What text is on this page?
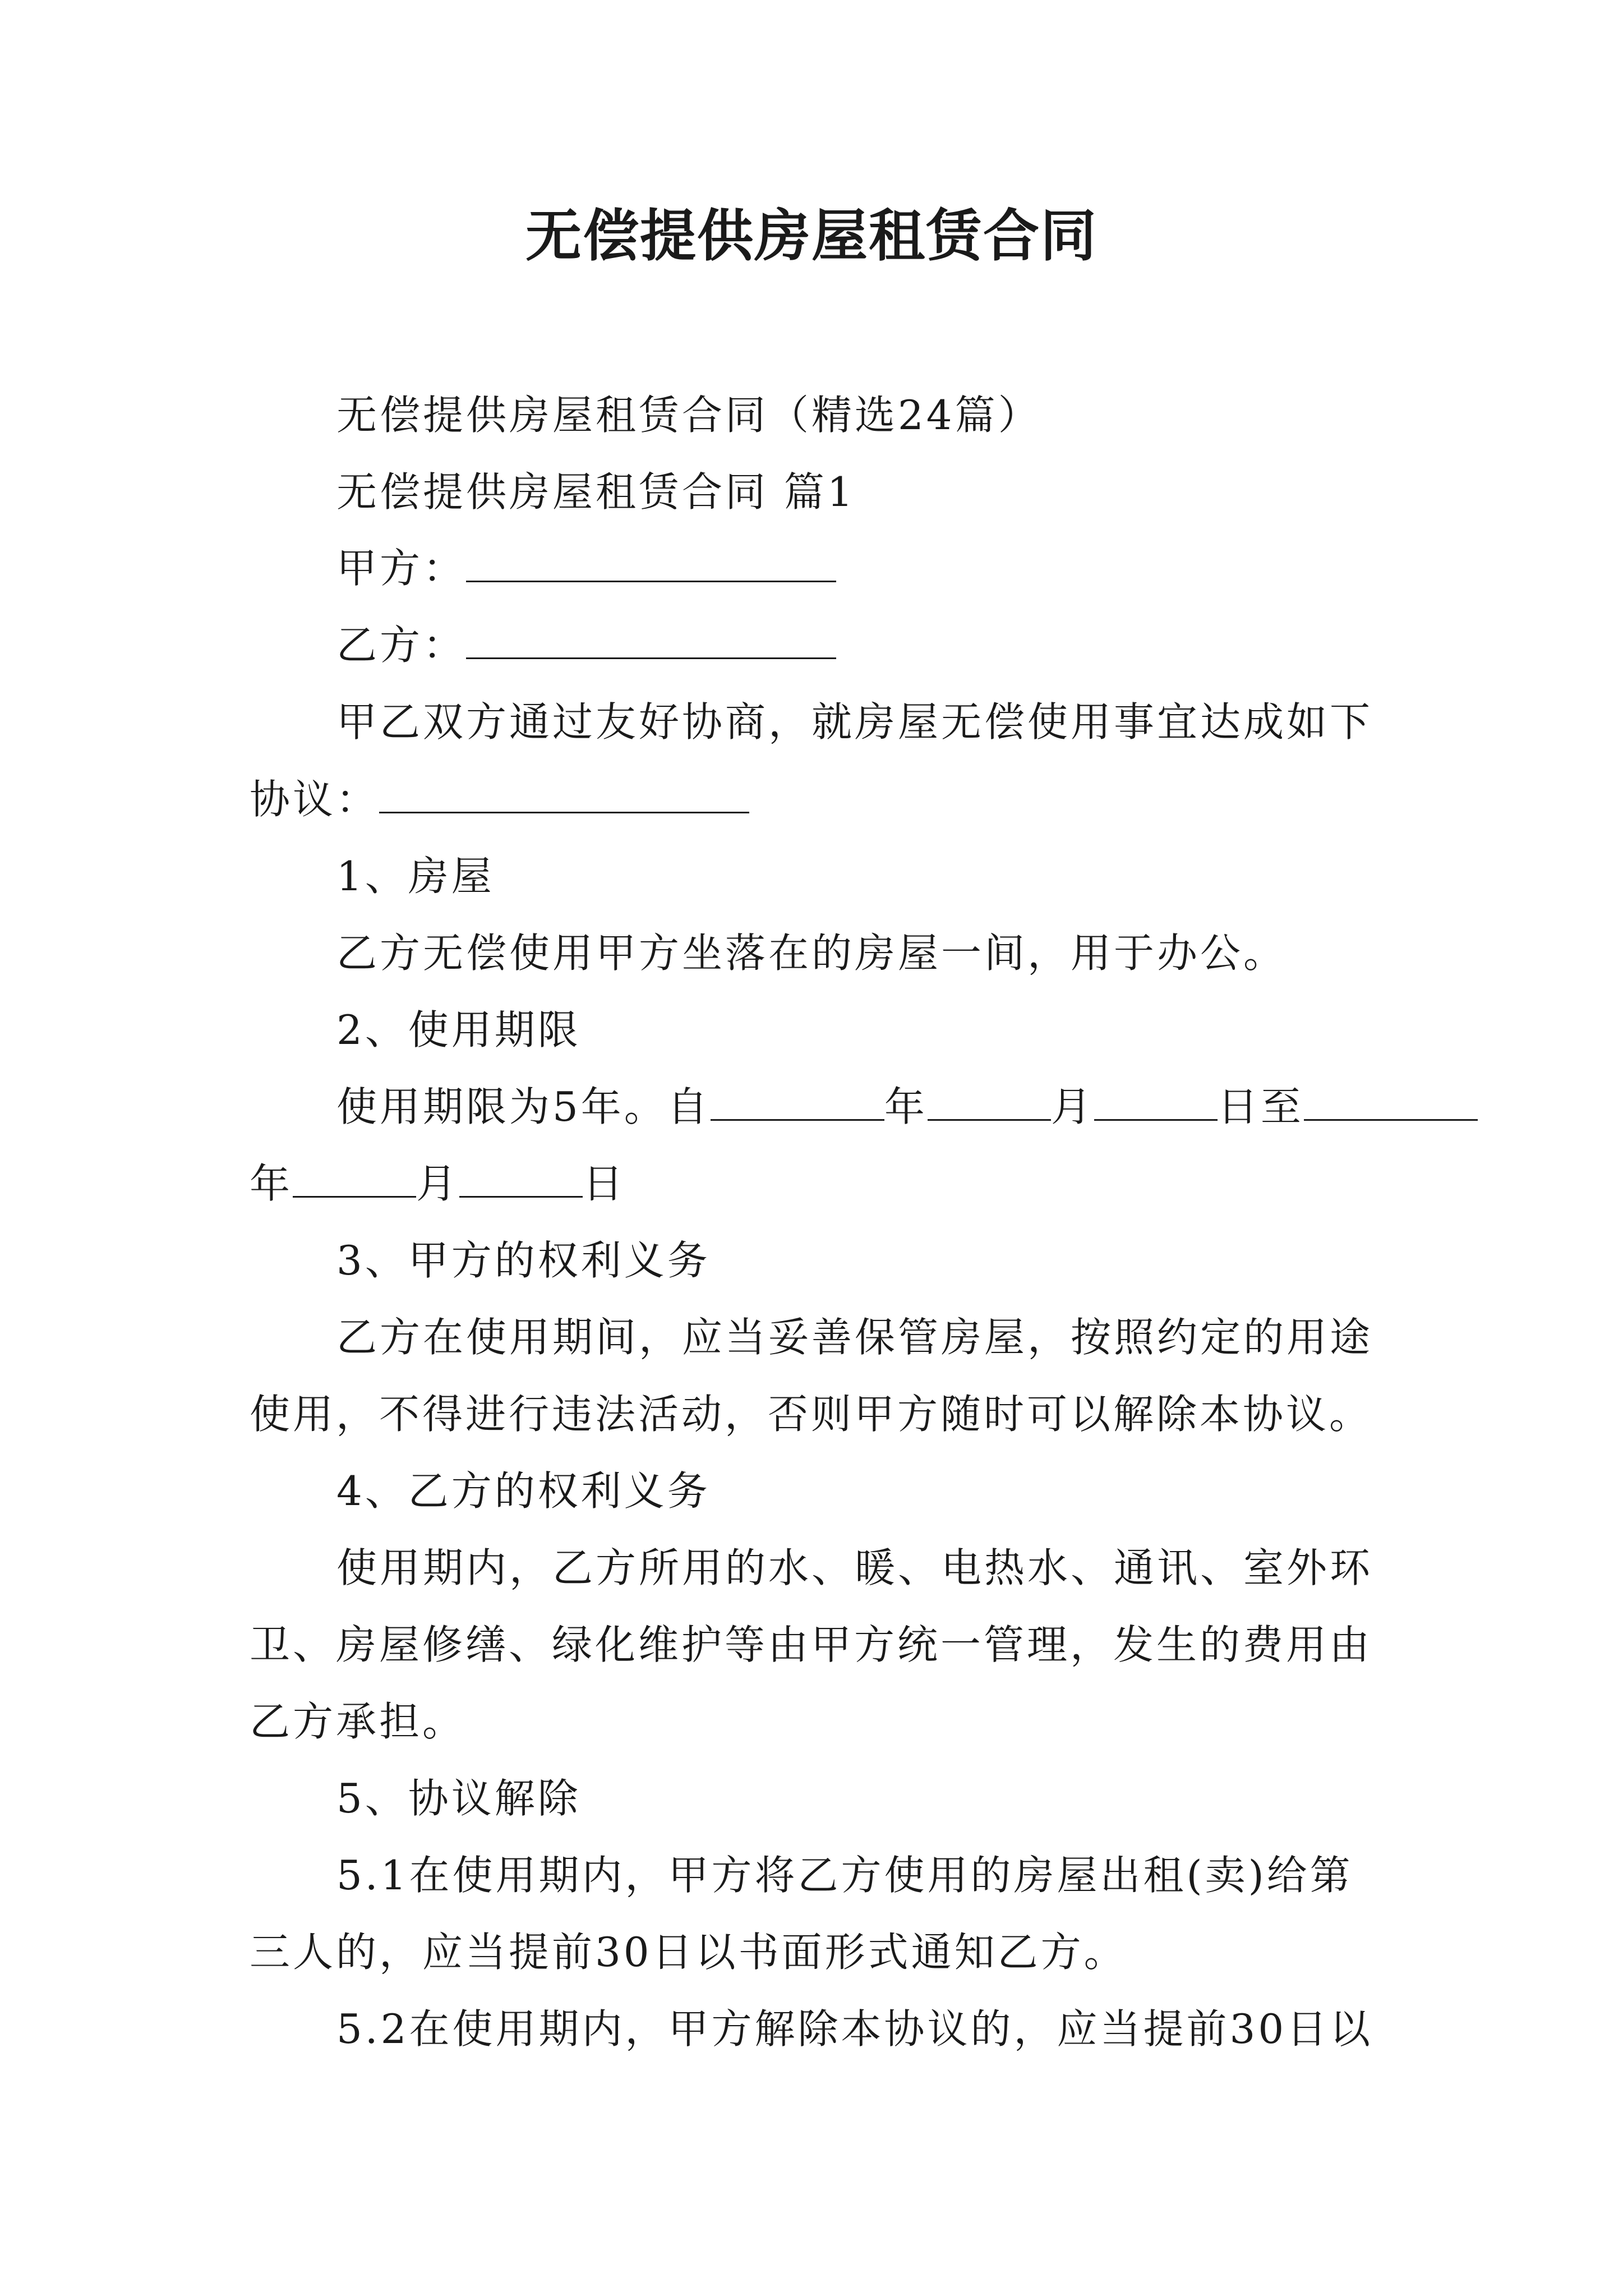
无偿提供房屋租赁合同
无偿提供房屋租赁合同（精选24篇）
无偿提供房屋租赁合同 篇1
甲方：
乙方：
甲乙双方通过友好协商，就房屋无偿使用事宜达成如下
协议：
1、房屋
乙方无偿使用甲方坐落在的房屋一间，用于办公。
2、使用期限
使用期限为5年。自	年	月	日至
年	月	日
3、甲方的权利义务
乙方在使用期间，应当妥善保管房屋，按照约定的用途
使用，不得进行违法活动，否则甲方随时可以解除本协议。
4、乙方的权利义务
使用期内，乙方所用的水、暖、电热水、通讯、室外环
卫、房屋修缮、绿化维护等由甲方统一管理，发生的费用由
乙方承担。
5、协议解除
5.1在使用期内，甲方将乙方使用的房屋出租(卖)给第
三人的，应当提前30日以书面形式通知乙方。
5.2在使用期内，甲方解除本协议的，应当提前30日以
